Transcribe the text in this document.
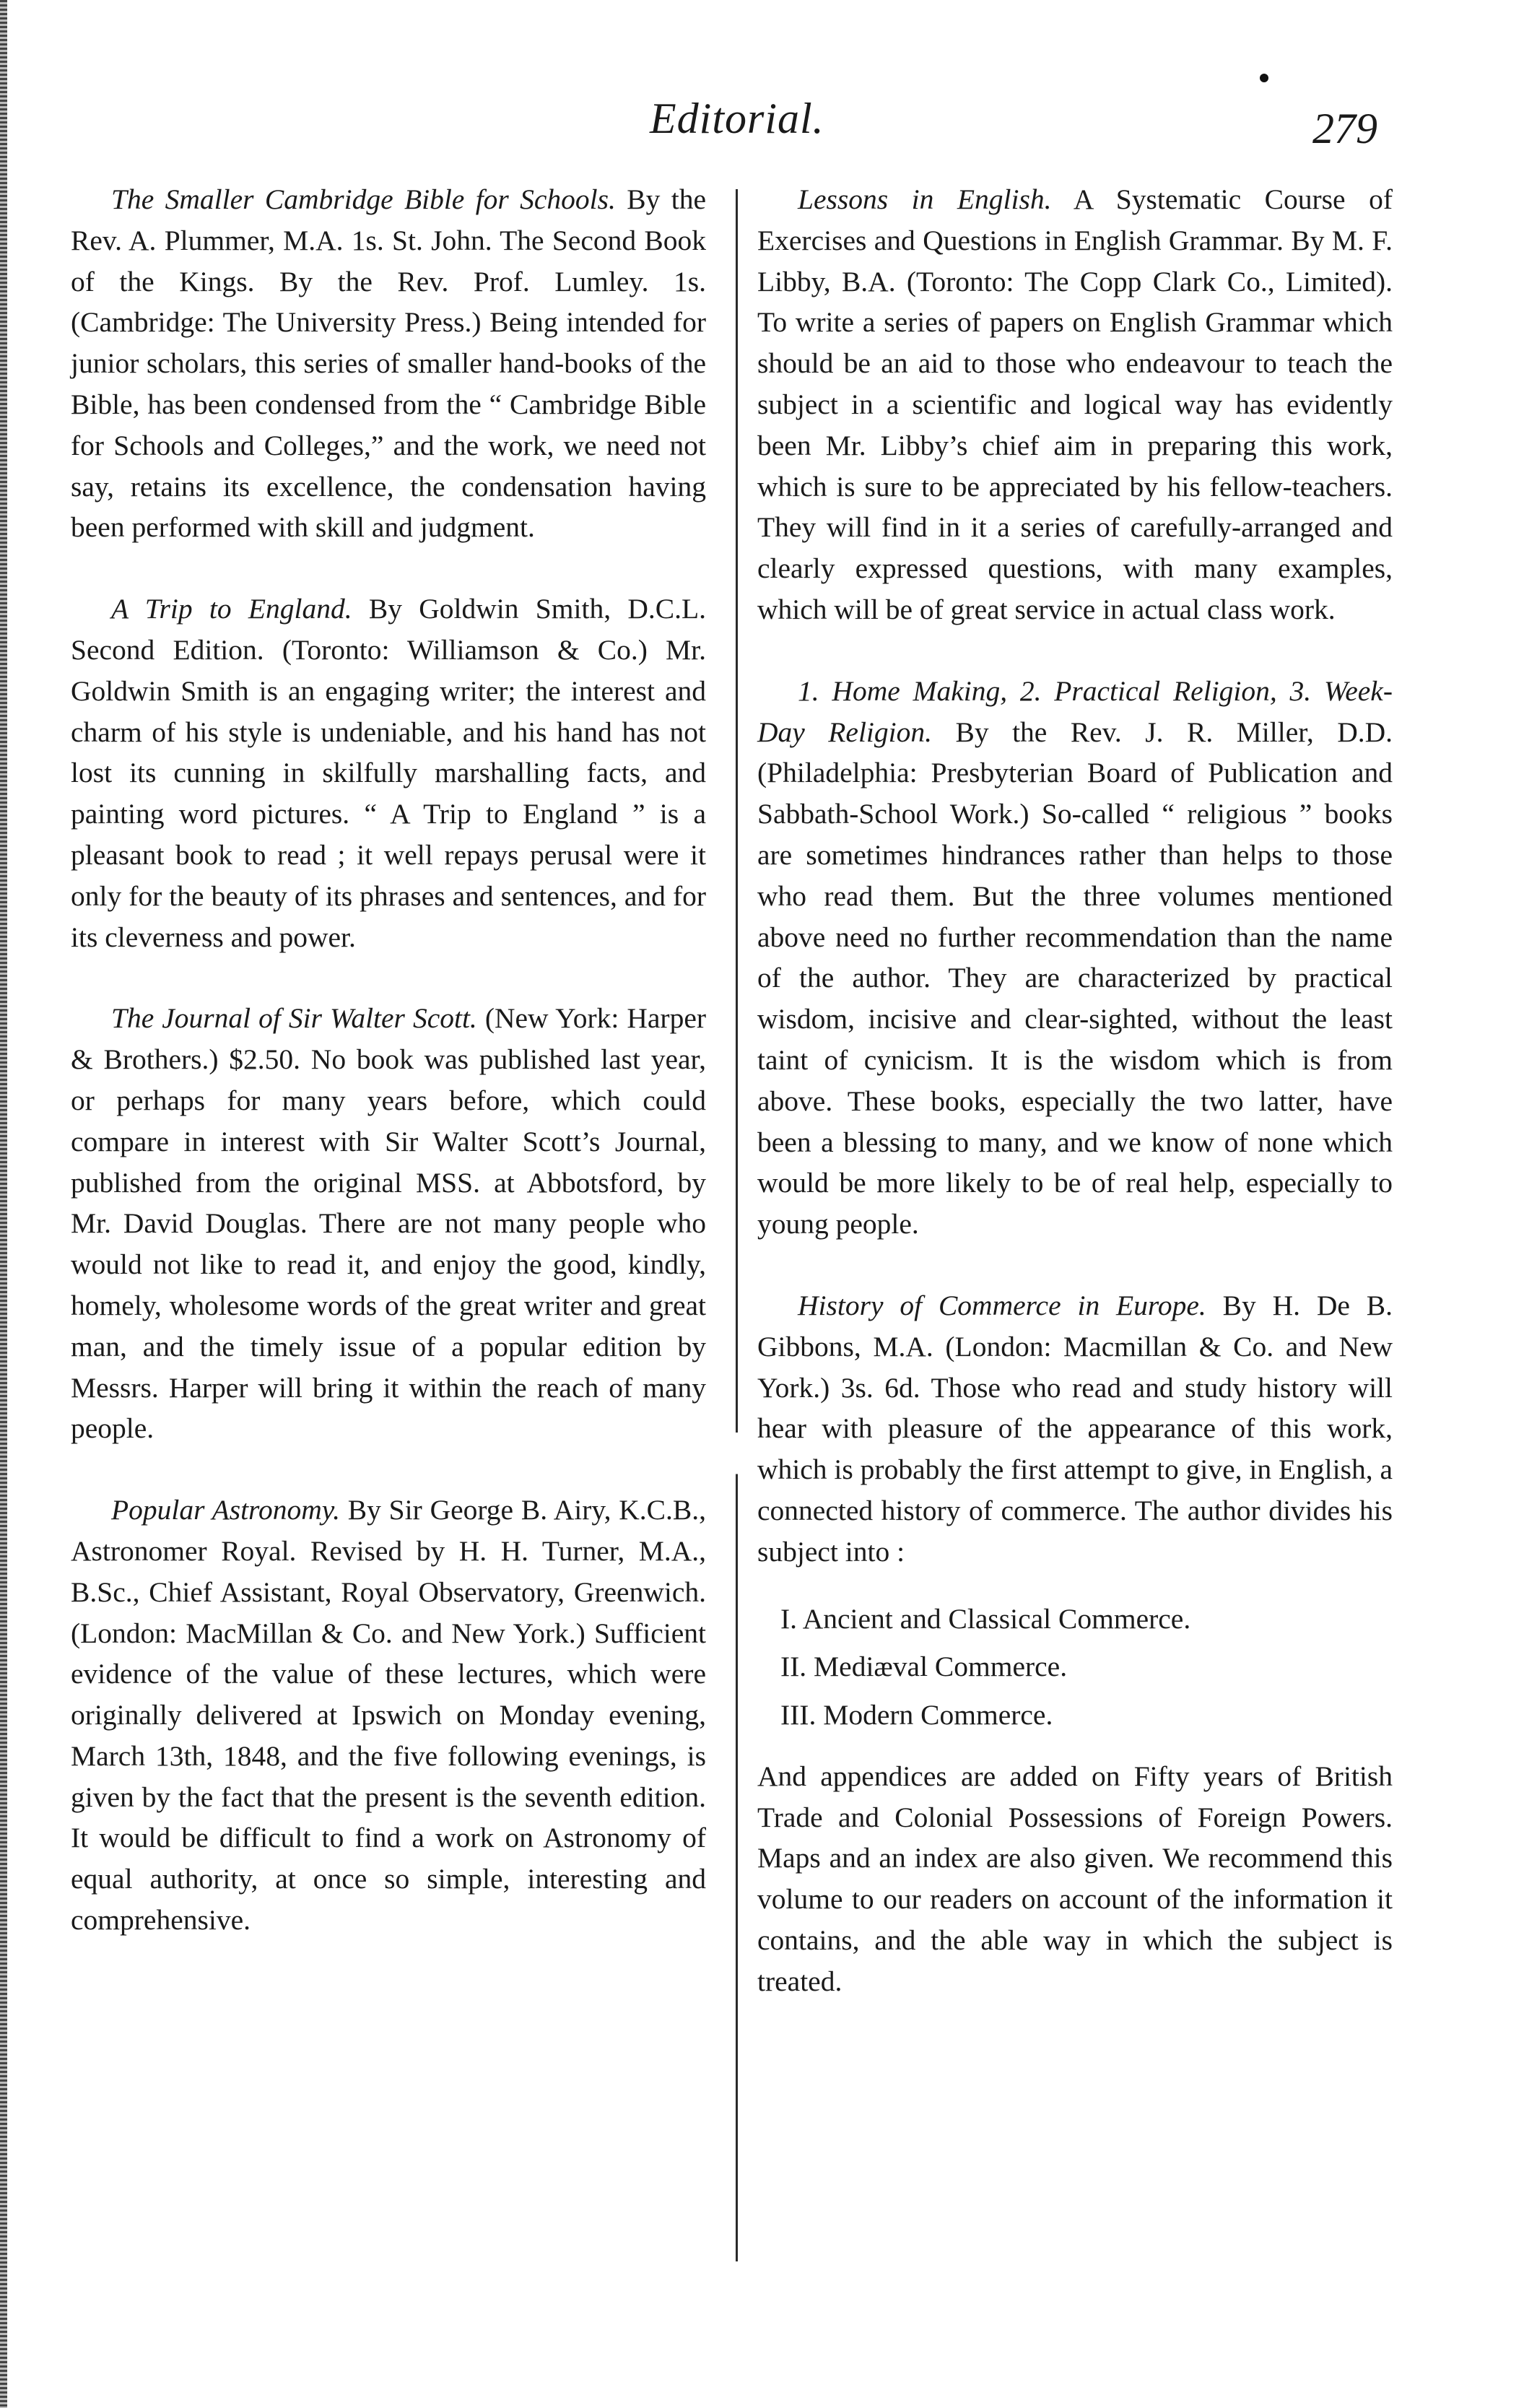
Editorial.	279

The Smaller Cambridge Bible for Schools. By the Rev. A. Plummer, M.A. 1s. St. John. The Second Book of the Kings. By the Rev. Prof. Lumley. 1s. (Cambridge: The University Press.) Being intended for junior scholars, this series of smaller hand-books of the Bible, has been condensed from the “ Cambridge Bible for Schools and Colleges,” and the work, we need not say, retains its excellence, the condensation having been performed with skill and judgment.

A Trip to England. By Goldwin Smith, D.C.L. Second Edition. (Toronto: Williamson & Co.) Mr. Goldwin Smith is an engaging writer; the interest and charm of his style is undeniable, and his hand has not lost its cunning in skilfully marshalling facts, and painting word pictures. “ A Trip to England ” is a pleasant book to read ; it well repays perusal were it only for the beauty of its phrases and sentences, and for its cleverness and power.

The Journal of Sir Walter Scott. (New York: Harper & Brothers.) $2.50. No book was published last year, or perhaps for many years before, which could compare in interest with Sir Walter Scott’s Journal, published from the original MSS. at Abbotsford, by Mr. David Douglas. There are not many people who would not like to read it, and enjoy the good, kindly, homely, wholesome words of the great writer and great man, and the timely issue of a popular edition by Messrs. Harper will bring it within the reach of many people.

Popular Astronomy. By Sir George B. Airy, K.C.B., Astronomer Royal. Revised by H. H. Turner, M.A., B.Sc., Chief Assistant, Royal Observatory, Greenwich. (London: MacMillan & Co. and New York.) Sufficient evidence of the value of these lectures, which were originally delivered at Ipswich on Monday evening, March 13th, 1848, and the five following evenings, is given by the fact that the present is the seventh edition. It would be difficult to find a work on Astronomy of equal authority, at once so simple, interesting and comprehensive.

Lessons in English. A Systematic Course of Exercises and Questions in English Grammar. By M. F. Libby, B.A. (Toronto: The Copp Clark Co., Limited). To write a series of papers on English Grammar which should be an aid to those who endeavour to teach the subject in a scientific and logical way has evidently been Mr. Libby’s chief aim in preparing this work, which is sure to be appreciated by his fellow-teachers. They will find in it a series of carefully-arranged and clearly expressed questions, with many examples, which will be of great service in actual class work.

1. Home Making, 2. Practical Religion, 3. Week-Day Religion. By the Rev. J. R. Miller, D.D. (Philadelphia: Presbyterian Board of Publication and Sabbath-School Work.) So-called “ religious ” books are sometimes hindrances rather than helps to those who read them. But the three volumes mentioned above need no further recommendation than the name of the author. They are characterized by practical wisdom, incisive and clear-sighted, without the least taint of cynicism. It is the wisdom which is from above. These books, especially the two latter, have been a blessing to many, and we know of none which would be more likely to be of real help, especially to young people.

History of Commerce in Europe. By H. De B. Gibbons, M.A. (London: Macmillan & Co. and New York.) 3s. 6d. Those who read and study history will hear with pleasure of the appearance of this work, which is probably the first attempt to give, in English, a connected history of commerce. The author divides his subject into :

I. Ancient and Classical Commerce.
II. Mediæval Commerce.
III. Modern Commerce.

And appendices are added on Fifty years of British Trade and Colonial Possessions of Foreign Powers. Maps and an index are also given. We recommend this volume to our readers on account of the information it contains, and the able way in which the subject is treated.
